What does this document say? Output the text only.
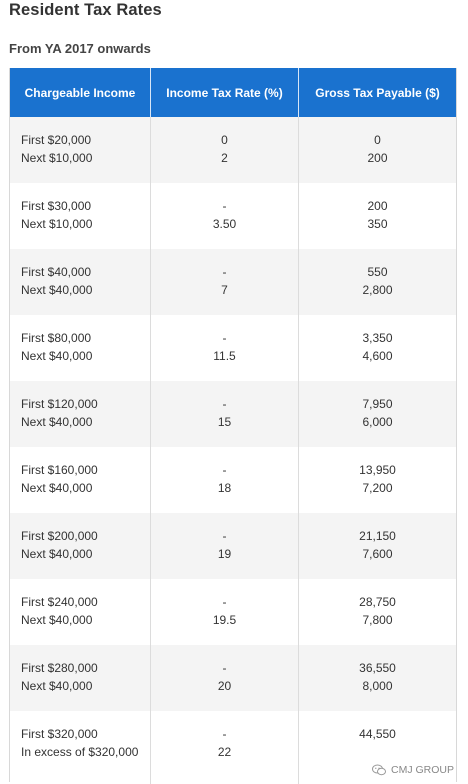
Resident Tax Rates
From YA 2017 onwards
Chargeable Income	Income Tax Rate (%)	Gross Tax Payable ($)
First $20,000
Next $10,000
0
2
0
200
First $30,000
Next $10,000
-
3.50
200
350
First $40,000
Next $40,000
-
7
550
2,800
First $80,000
Next $40,000
-
11.5
3,350
4,600
First $120,000
Next $40,000
-
15
7,950
6,000
First $160,000
Next $40,000
-
18
13,950
7,200
First $200,000
Next $40,000
-
19
21,150
7,600
First $240,000
Next $40,000
-
19.5
28,750
7,800
First $280,000
Next $40,000
-
20
36,550
8,000
First $320,000
In excess of $320,000
-
22
44,550
CMJ GROUP
